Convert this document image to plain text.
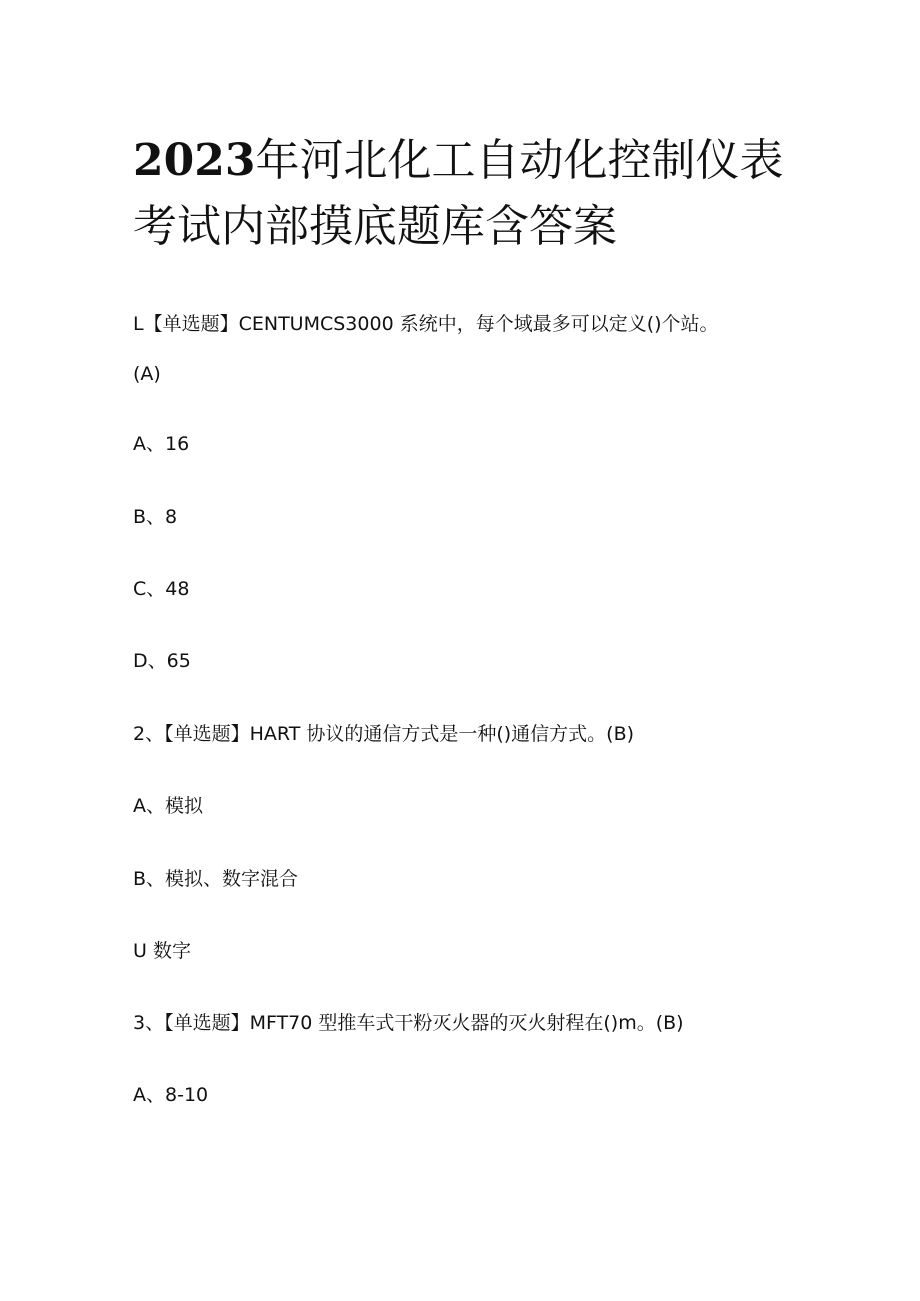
2023年河北化工自动化控制仪表考试内部摸底题库含答案

L【单选题】CENTUMCS3000 系统中，每个域最多可以定义()个站。

(A)

A、16

B、8

C、48

D、65

2、【单选题】HART 协议的通信方式是一种()通信方式。(B)

A、模拟

B、模拟、数字混合

U 数字

3、【单选题】MFT70 型推车式干粉灭火器的灭火射程在()m。(B)

A、8-10
